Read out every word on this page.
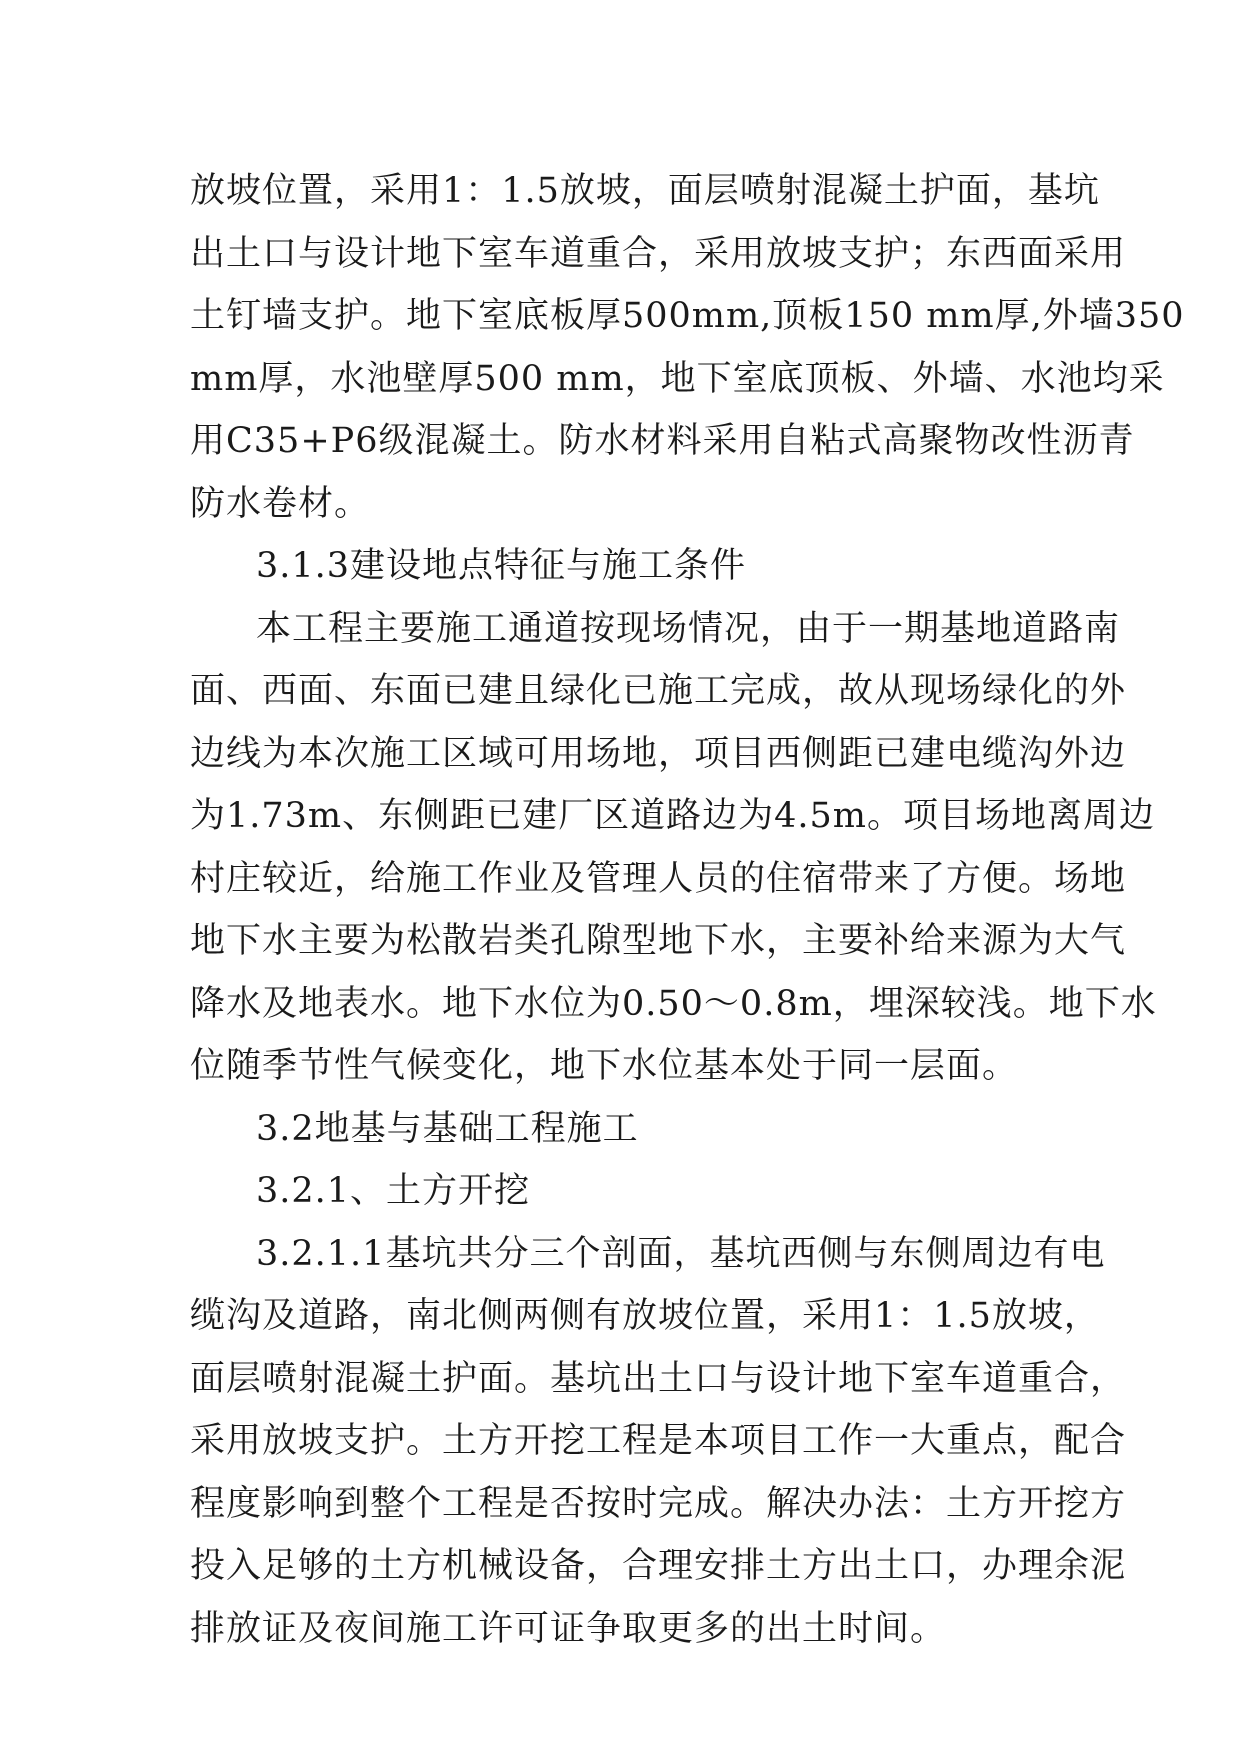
放坡位置，采用1：1.5放坡，面层喷射混凝土护面，基坑
出土口与设计地下室车道重合，采用放坡支护；东西面采用
土钉墙支护。地下室底板厚500mm,顶板150 mm厚,外墙350
mm厚，水池壁厚500 mm，地下室底顶板、外墙、水池均采
用C35+P6级混凝土。防水材料采用自粘式高聚物改性沥青
防水卷材。
3.1.3建设地点特征与施工条件
本工程主要施工通道按现场情况，由于一期基地道路南
面、西面、东面已建且绿化已施工完成，故从现场绿化的外
边线为本次施工区域可用场地，项目西侧距已建电缆沟外边
为1.73m、东侧距已建厂区道路边为4.5m。项目场地离周边
村庄较近，给施工作业及管理人员的住宿带来了方便。场地
地下水主要为松散岩类孔隙型地下水，主要补给来源为大气
降水及地表水。地下水位为0.50～0.8m，埋深较浅。地下水
位随季节性气候变化，地下水位基本处于同一层面。
3.2地基与基础工程施工
3.2.1、土方开挖
3.2.1.1基坑共分三个剖面，基坑西侧与东侧周边有电
缆沟及道路，南北侧两侧有放坡位置，采用1：1.5放坡，
面层喷射混凝土护面。基坑出土口与设计地下室车道重合，
采用放坡支护。土方开挖工程是本项目工作一大重点，配合
程度影响到整个工程是否按时完成。解决办法：土方开挖方
投入足够的土方机械设备，合理安排土方出土口，办理余泥
排放证及夜间施工许可证争取更多的出土时间。
